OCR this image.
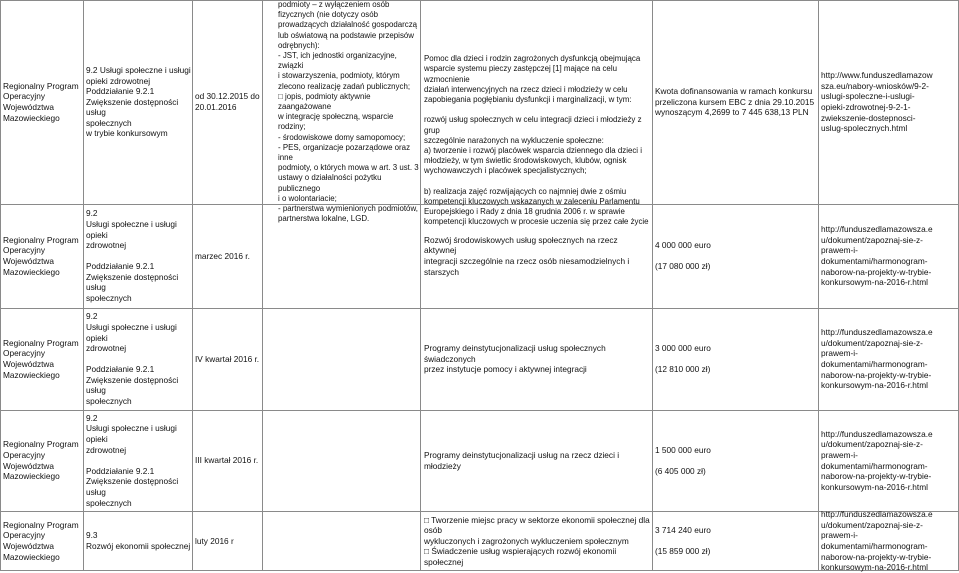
Regionalny Program
Operacyjny
Województwa
Mazowieckiego
9.2 Usługi społeczne i usługi
opieki zdrowotnej
Poddziałanie 9.2.1
Zwiększenie dostępności usług
społecznych
w trybie konkursowym
od 30.12.2015 do
20.01.2016

podmioty – z wyłączeniem osób
fizycznych (nie dotyczy osób
prowadzących działalność gospodarczą
lub oświatową na podstawie przepisów
odrębnych):
- JST, ich jednostki organizacyjne, związki
i stowarzyszenia, podmioty, którym
zlecono realizację zadań publicznych;
□ jopis, podmioty aktywnie zaangażowane
w integrację społeczną, wsparcie rodziny;
- środowiskowe domy samopomocy;
- PES, organizacje pozarządowe oraz inne
podmioty, o których mowa w art. 3 ust. 3
ustawy o działalności pożytku publicznego
i o wolontariacie;
- partnerstwa wymienionych podmiotów,
partnerstwa lokalne, LGD.

Pomoc dla dzieci i rodzin zagrożonych dysfunkcją obejmująca
wsparcie systemu pieczy zastępczej [1] mające na celu wzmocnienie
działań interwencyjnych na rzecz dzieci i młodzieży w celu
zapobiegania pogłębianiu dysfunkcji i marginalizacji, w tym:

rozwój usług społecznych w celu integracji dzieci i młodzieży z grup
szczególnie narażonych na wykluczenie społeczne:
a) tworzenie i rozwój placówek wsparcia dziennego dla dzieci i
młodzieży, w tym świetlic środowiskowych, klubów, ognisk
wychowawczych i placówek specjalistycznych;

b) realizacja zajęć rozwijających co najmniej dwie z ośmiu
kompetencji kluczowych wskazanych w zaleceniu Parlamentu
Europejskiego i Rady z dnia 18 grudnia 2006 r. w sprawie
kompetencji kluczowych w procesie uczenia się przez całe życie

Kwota dofinansowania w ramach konkursu
przeliczona kursem EBC z dnia 29.10.2015
wynoszącym 4,2699 to 7 445 638,13 PLN
http://www.funduszedlamazow
sza.eu/nabory-wniosków/9-2-
uslugi-spoleczne-i-uslugi-
opieki-zdrowotnej-9-2-1-
zwiekszenie-dostepnosci-
uslug-spolecznych.html
Regionalny Program
Operacyjny
Województwa
Mazowieckiego
9.2
Usługi społeczne i usługi opieki
zdrowotnej

Poddziałanie 9.2.1
Zwiększenie dostępności usług
społecznych
marzec 2016 r.
Rozwój środowiskowych usług społecznych na rzecz aktywnej
integracji szczególnie na rzecz osób niesamodzielnych i starszych
4 000 000 euro

(17 080 000 zł)
http://funduszedlamazowsza.e
u/dokument/zapoznaj-sie-z-
prawem-i-
dokumentami/harmonogram-
naborow-na-projekty-w-trybie-
konkursowym-na-2016-r.html
Regionalny Program
Operacyjny
Województwa
Mazowieckiego
9.2
Usługi społeczne i usługi opieki
zdrowotnej

Poddziałanie 9.2.1
Zwiększenie dostępności usług
społecznych
IV kwartał 2016 r.
Programy deinstytucjonalizacji usług społecznych świadczonych
przez instytucje pomocy i aktywnej integracji
3 000 000 euro

(12 810 000 zł)
http://funduszedlamazowsza.e
u/dokument/zapoznaj-sie-z-
prawem-i-
dokumentami/harmonogram-
naborow-na-projekty-w-trybie-
konkursowym-na-2016-r.html
Regionalny Program
Operacyjny
Województwa
Mazowieckiego
9.2
Usługi społeczne i usługi opieki
zdrowotnej

Poddziałanie 9.2.1
Zwiększenie dostępności usług
społecznych
III kwartał 2016 r.
Programy deinstytucjonalizacji usług na rzecz dzieci i młodzieży
1 500 000 euro

(6 405 000 zł)
http://funduszedlamazowsza.e
u/dokument/zapoznaj-sie-z-
prawem-i-
dokumentami/harmonogram-
naborow-na-projekty-w-trybie-
konkursowym-na-2016-r.html
Regionalny Program
Operacyjny
Województwa
Mazowieckiego
9.3
Rozwój ekonomii społecznej
luty 2016 r
□ Tworzenie miejsc pracy w sektorze ekonomii społecznej dla osób
wykluczonych i zagrożonych wykluczeniem społecznym
□ Świadczenie usług wspierających rozwój ekonomii społecznej
3 714 240 euro

(15 859 000 zł)
http://funduszedlamazowsza.e
u/dokument/zapoznaj-sie-z-
prawem-i-
dokumentami/harmonogram-
naborow-na-projekty-w-trybie-
konkursowym-na-2016-r.html
